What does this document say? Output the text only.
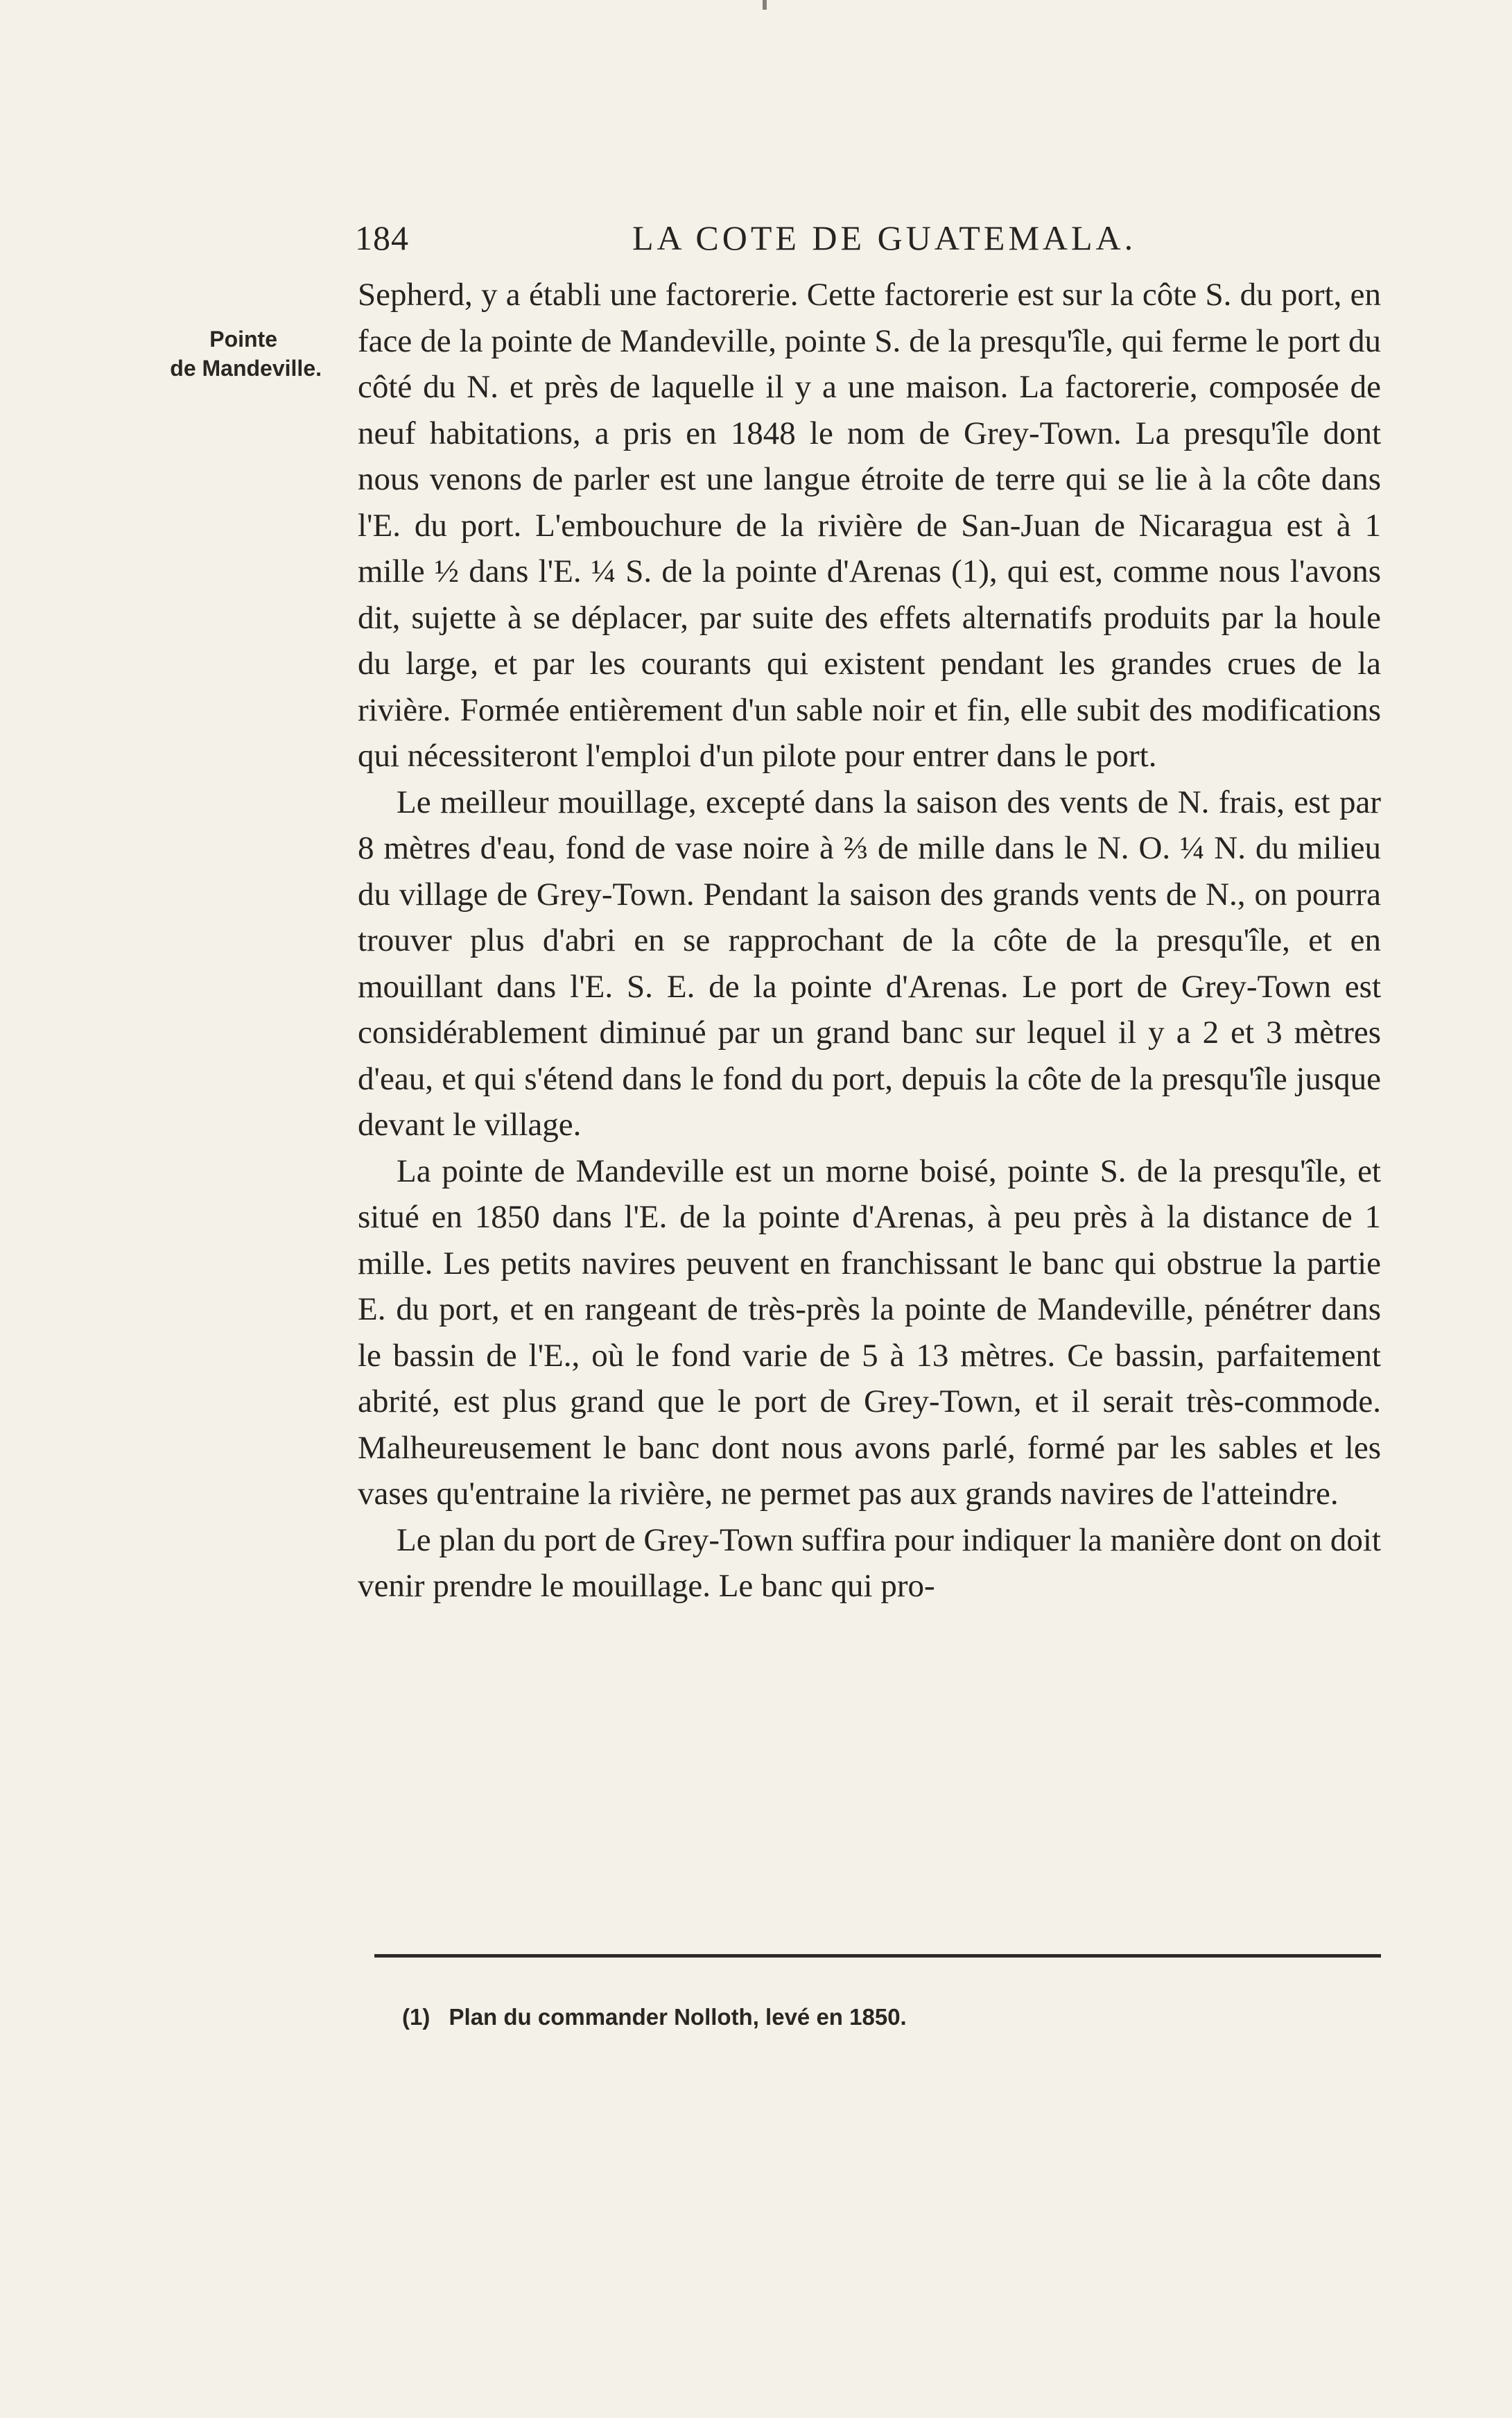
184	LA COTE DE GUATEMALA.
Pointe
de Mandeville.

Sepherd, y a établi une factorerie. Cette factorerie est sur la côte S. du port, en face de la pointe de Mandeville, pointe S. de la presqu'île, qui ferme le port du côté du N. et près de laquelle il y a une maison. La factorerie, composée de neuf habitations, a pris en 1848 le nom de Grey-Town. La presqu'île dont nous venons de parler est une langue étroite de terre qui se lie à la côte dans l'E. du port. L'embouchure de la rivière de San-Juan de Nicaragua est à 1 mille ½ dans l'E. ¼ S. de la pointe d'Arenas (1), qui est, comme nous l'avons dit, sujette à se déplacer, par suite des effets alternatifs produits par la houle du large, et par les courants qui existent pendant les grandes crues de la rivière. Formée entièrement d'un sable noir et fin, elle subit des modifications qui nécessiteront l'emploi d'un pilote pour entrer dans le port.

Le meilleur mouillage, excepté dans la saison des vents de N. frais, est par 8 mètres d'eau, fond de vase noire à ⅔ de mille dans le N. O. ¼ N. du milieu du village de Grey-Town. Pendant la saison des grands vents de N., on pourra trouver plus d'abri en se rapprochant de la côte de la presqu'île, et en mouillant dans l'E. S. E. de la pointe d'Arenas. Le port de Grey-Town est considérablement diminué par un grand banc sur lequel il y a 2 et 3 mètres d'eau, et qui s'étend dans le fond du port, depuis la côte de la presqu'île jusque devant le village.

La pointe de Mandeville est un morne boisé, pointe S. de la presqu'île, et situé en 1850 dans l'E. de la pointe d'Arenas, à peu près à la distance de 1 mille. Les petits navires peuvent en franchissant le banc qui obstrue la partie E. du port, et en rangeant de très-près la pointe de Mandeville, pénétrer dans le bassin de l'E., où le fond varie de 5 à 13 mètres. Ce bassin, parfaitement abrité, est plus grand que le port de Grey-Town, et il serait très-commode. Malheureusement le banc dont nous avons parlé, formé par les sables et les vases qu'entraine la rivière, ne permet pas aux grands navires de l'atteindre.

Le plan du port de Grey-Town suffira pour indiquer la manière dont on doit venir prendre le mouillage. Le banc qui pro-

(1) Plan du commander Nolloth, levé en 1850.
